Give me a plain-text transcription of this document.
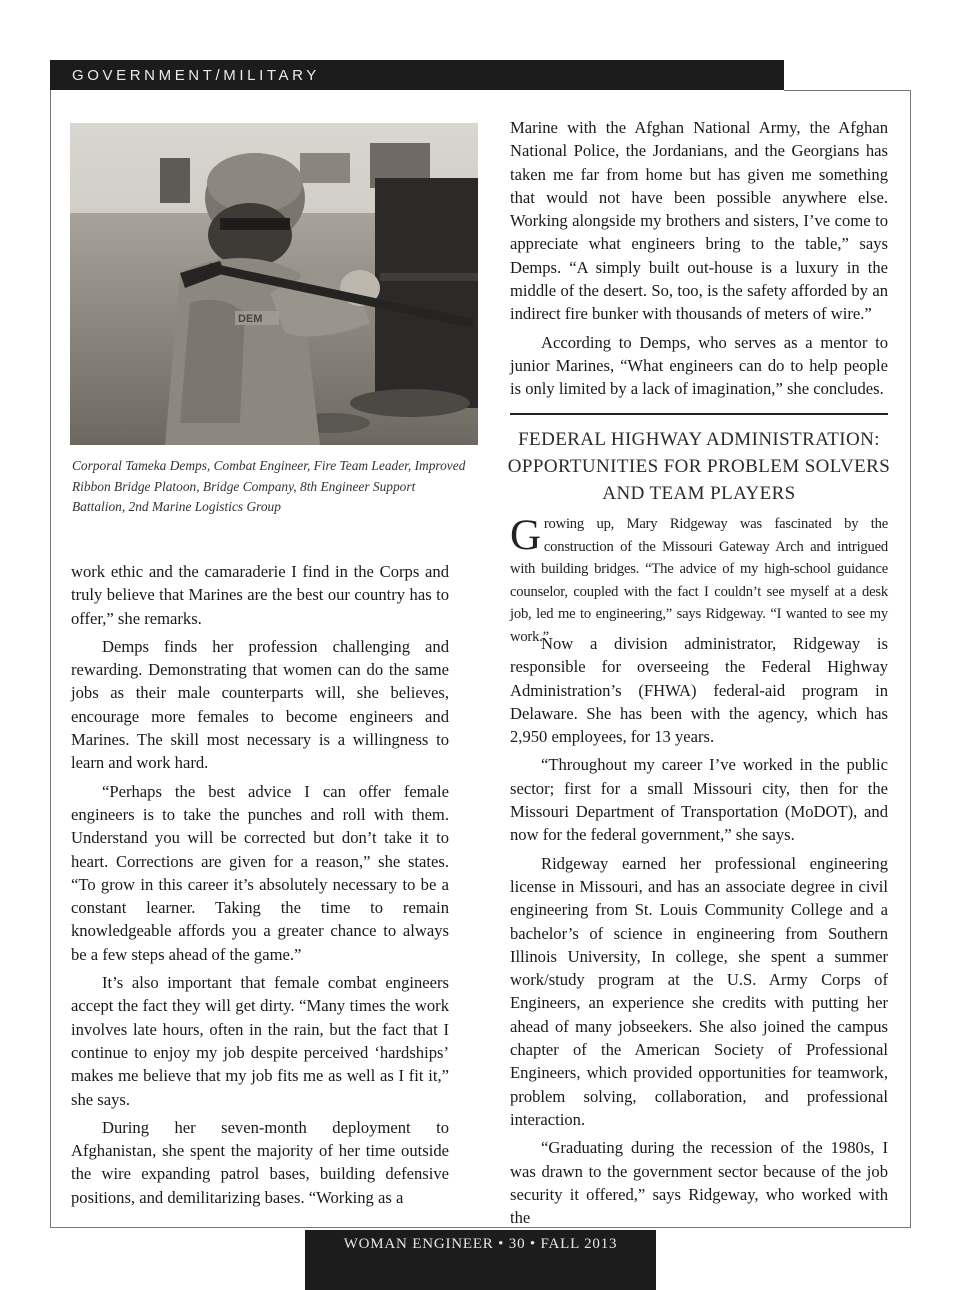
GOVERNMENT/MILITARY
DEM
Corporal Tameka Demps, Combat Engineer, Fire Team Leader, Improved Ribbon Bridge Platoon, Bridge Company, 8th Engineer Support Battalion, 2nd Marine Logistics Group

work ethic and the camaraderie I find in the Corps and truly believe that Marines are the best our country has to offer,” she remarks.

Demps finds her profession challenging and rewarding. Demonstrating that women can do the same jobs as their male counterparts will, she believes, encourage more females to become engineers and Marines. The skill most necessary is a willingness to learn and work hard.

“Perhaps the best advice I can offer female engineers is to take the punches and roll with them. Understand you will be corrected but don’t take it to heart. Corrections are given for a reason,” she states. “To grow in this career it’s absolutely necessary to be a constant learner. Taking the time to remain knowledgeable affords you a greater chance to always be a few steps ahead of the game.”

It’s also important that female combat engineers accept the fact they will get dirty. “Many times the work involves late hours, often in the rain, but the fact that I continue to enjoy my job despite perceived ‘hardships’ makes me believe that my job fits me as well as I fit it,” she says.

During her seven-month deployment to Afghanistan, she spent the majority of her time outside the wire expanding patrol bases, building defensive positions, and demilitarizing bases. “Working as a

Marine with the Afghan National Army, the Afghan National Police, the Jordanians, and the Georgians has taken me far from home but has given me something that would not have been possible anywhere else. Working alongside my brothers and sisters, I’ve come to appreciate what engineers bring to the table,” says Demps. “A simply built out-house is a luxury in the middle of the desert. So, too, is the safety afforded by an indirect fire bunker with thousands of meters of wire.”

According to Demps, who serves as a mentor to junior Marines, “What engineers can do to help people is only limited by a lack of imagination,” she concludes.

FEDERAL HIGHWAY ADMINISTRATION:
OPPORTUNITIES FOR PROBLEM SOLVERS
AND TEAM PLAYERS
G rowing up, Mary Ridgeway was fascinated by the construction of the Missouri Gateway Arch and intrigued with building bridges. “The advice of my high-school guidance counselor, coupled with the fact I couldn’t see myself at a desk job, led me to engineering,” says Ridgeway. “I wanted to see my work.”

Now a division administrator, Ridgeway is responsible for overseeing the Federal Highway Administration’s (FHWA) federal-aid program in Delaware. She has been with the agency, which has 2,950 employees, for 13 years.

“Throughout my career I’ve worked in the public sector; first for a small Missouri city, then for the Missouri Department of Transportation (MoDOT), and now for the federal government,” she says.

Ridgeway earned her professional engineering license in Missouri, and has an associate degree in civil engineering from St. Louis Community College and a bachelor’s of science in engineering from Southern Illinois University, In college, she spent a summer work/study program at the U.S. Army Corps of Engineers, an experience she credits with putting her ahead of many jobseekers. She also joined the campus chapter of the American Society of Professional Engineers, which provided opportunities for teamwork, problem solving, collaboration, and professional interaction.

“Graduating during the recession of the 1980s, I was drawn to the government sector because of the job security it offered,” says Ridgeway, who worked with the

WOMAN ENGINEER • 30 • FALL 2013
